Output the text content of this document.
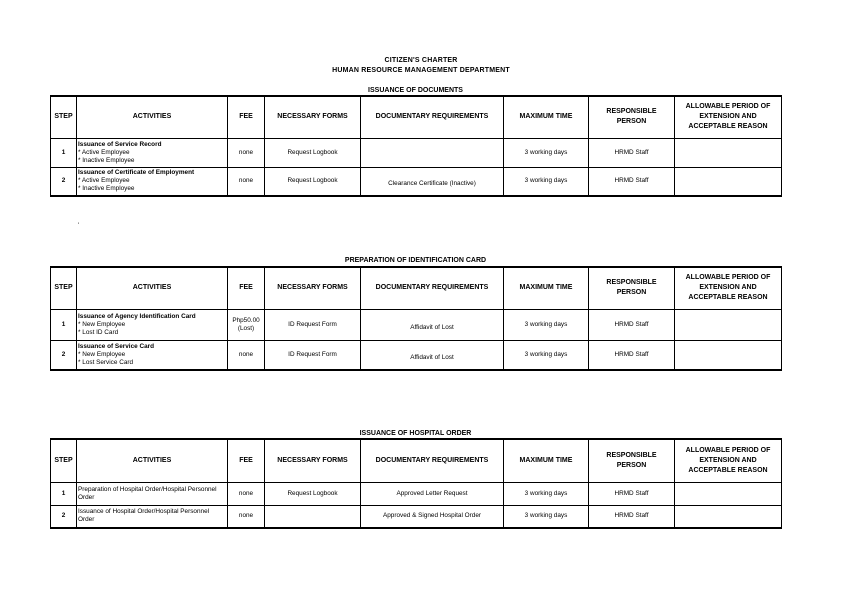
CITIZEN'S CHARTER
HUMAN RESOURCE MANAGEMENT DEPARTMENT
ISSUANCE OF DOCUMENTS
STEP	ACTIVITIES	FEE	NECESSARY FORMS	DOCUMENTARY REQUIREMENTS	MAXIMUM TIME	RESPONSIBLE
PERSON	ALLOWABLE PERIOD OF
EXTENSION AND
ACCEPTABLE REASON

1	Issuance of Service Record
* Active Employee
* Inactive Employee	none	Request Logbook		3 working days	HRMD Staff	
2	Issuance of Certificate of Employment
* Active Employee
* Inactive Employee	none	Request Logbook	Clearance Certificate (Inactive)	3 working days	HRMD Staff	
'
PREPARATION OF IDENTIFICATION CARD
STEP	ACTIVITIES	FEE	NECESSARY FORMS	DOCUMENTARY REQUIREMENTS	MAXIMUM TIME	RESPONSIBLE
PERSON	ALLOWABLE PERIOD OF
EXTENSION AND
ACCEPTABLE REASON

1	Issuance of Agency Identification Card
* New Employee
* Lost ID Card	Php50.00
(Lost)	ID Request Form	Affidavit of Lost	3 working days	HRMD Staff	
2	Issuance of Service Card
* New Employee
* Lost Service Card	none	ID Request Form	Affidavit of Lost	3 working days	HRMD Staff	
ISSUANCE OF HOSPITAL ORDER
STEP	ACTIVITIES	FEE	NECESSARY FORMS	DOCUMENTARY REQUIREMENTS	MAXIMUM TIME	RESPONSIBLE
PERSON	ALLOWABLE PERIOD OF
EXTENSION AND
ACCEPTABLE REASON

1	Preparation of Hospital Order/Hospital Personnel Order	none	Request Logbook	Approved Letter Request	3 working days	HRMD Staff	
2	Issuance of Hospital Order/Hospital Personnel Order	none		Approved & Signed Hospital Order	3 working days	HRMD Staff	
